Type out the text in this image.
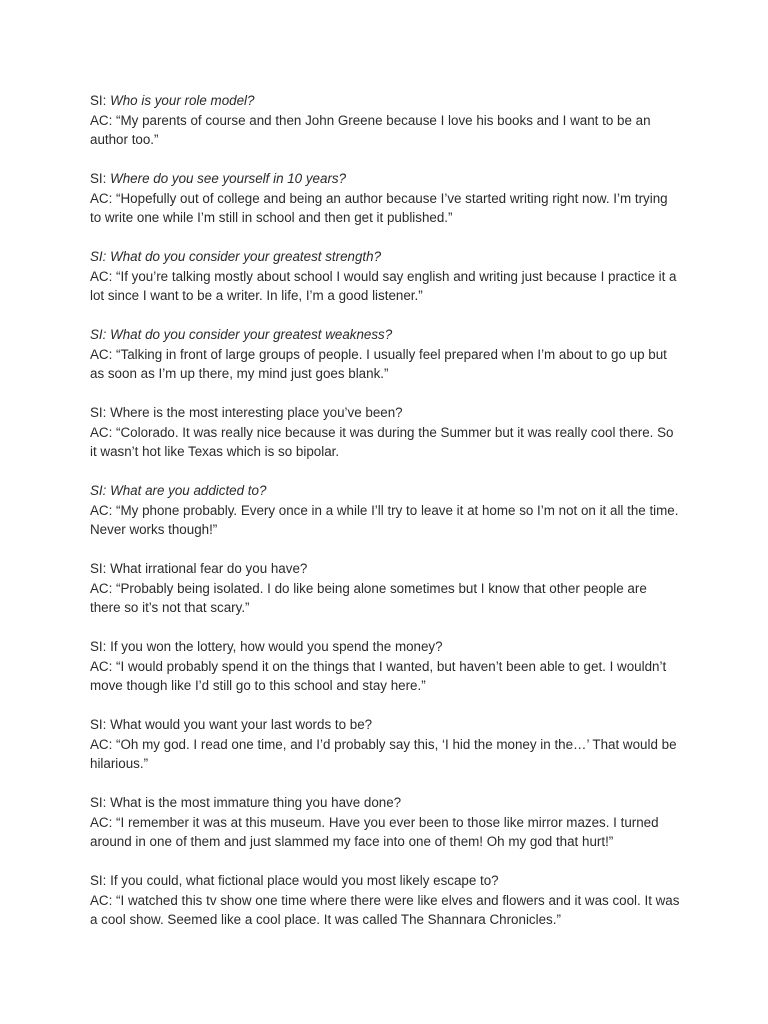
SI: Who is your role model?

AC: “My parents of course and then John Greene because I love his books and I want to be an author too.”

SI: Where do you see yourself in 10 years?

AC: “Hopefully out of college and being an author because I’ve started writing right now. I’m trying to write one while I’m still in school and then get it published.”

SI: What do you consider your greatest strength?

AC: “If you’re talking mostly about school I would say english and writing just because I practice it a lot since I want to be a writer. In life, I’m a good listener.”

SI: What do you consider your greatest weakness?

AC: “Talking in front of large groups of people. I usually feel prepared when I’m about to go up but as soon as I’m up there, my mind just goes blank.”

SI: Where is the most interesting place you’ve been?

AC: “Colorado. It was really nice because it was during the Summer but it was really cool there. So it wasn’t hot like Texas which is so bipolar.

SI: What are you addicted to?

AC: “My phone probably. Every once in a while I’ll try to leave it at home so I’m not on it all the time. Never works though!”

SI: What irrational fear do you have?

AC: “Probably being isolated. I do like being alone sometimes but I know that other people are there so it’s not that scary.”

SI: If you won the lottery, how would you spend the money?

AC: “I would probably spend it on the things that I wanted, but haven’t been able to get. I wouldn’t move though like I’d still go to this school and stay here.”

SI: What would you want your last words to be?

AC: “Oh my god. I read one time, and I’d probably say this, ‘I hid the money in the…’ That would be hilarious.”

SI: What is the most immature thing you have done?

AC: “I remember it was at this museum. Have you ever been to those like mirror mazes. I turned around in one of them and just slammed my face into one of them! Oh my god that hurt!”

SI: If you could, what fictional place would you most likely escape to?

AC: “I watched this tv show one time where there were like elves and flowers and it was cool. It was a cool show. Seemed like a cool place. It was called The Shannara Chronicles.”
